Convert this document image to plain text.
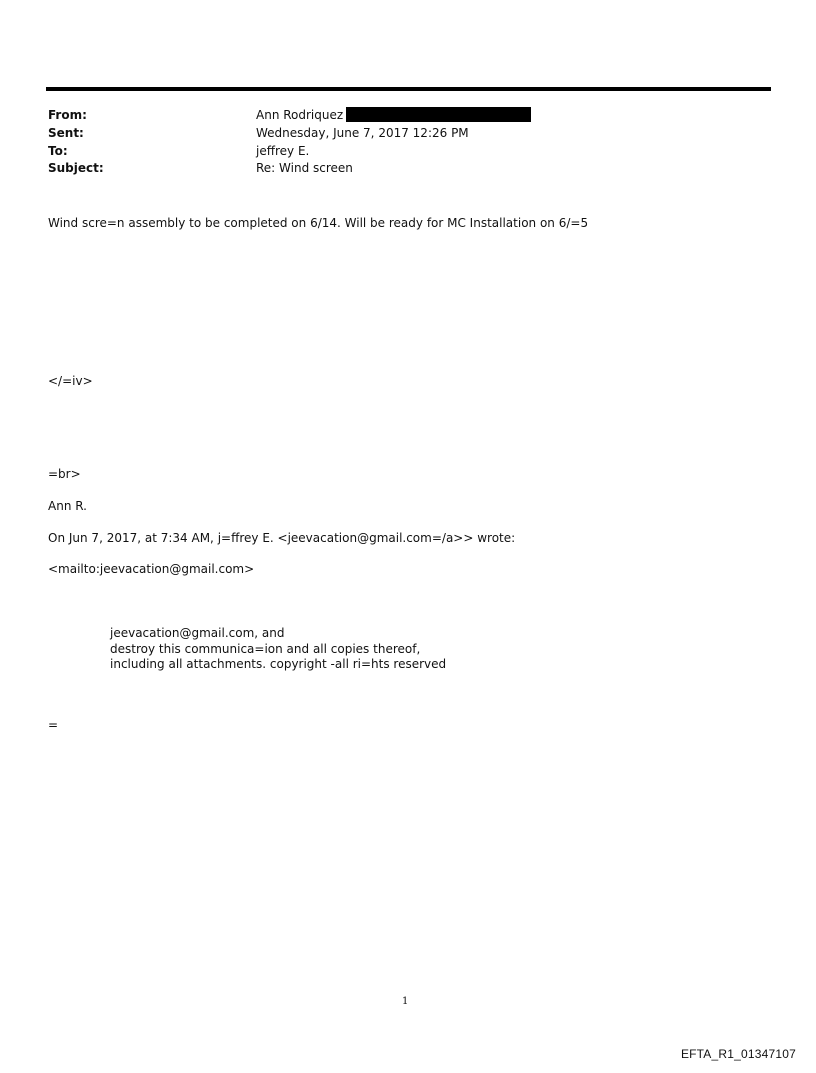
From:	Ann Rodriquez
Sent:	Wednesday, June 7, 2017 12:26 PM
To:	jeffrey E.
Subject:	Re: Wind screen
Wind scre=n assembly to be completed on 6/14. Will be ready for MC Installation on 6/=5
</=iv>
=br>
Ann R.
On Jun 7, 2017, at 7:34 AM, j=ffrey E. <jeevacation@gmail.com=/a>> wrote:
<mailto:jeevacation@gmail.com>
jeevacation@gmail.com, and
destroy this communica=ion and all copies thereof,
including all attachments. copyright -all ri=hts reserved
=
1
EFTA_R1_01347107
